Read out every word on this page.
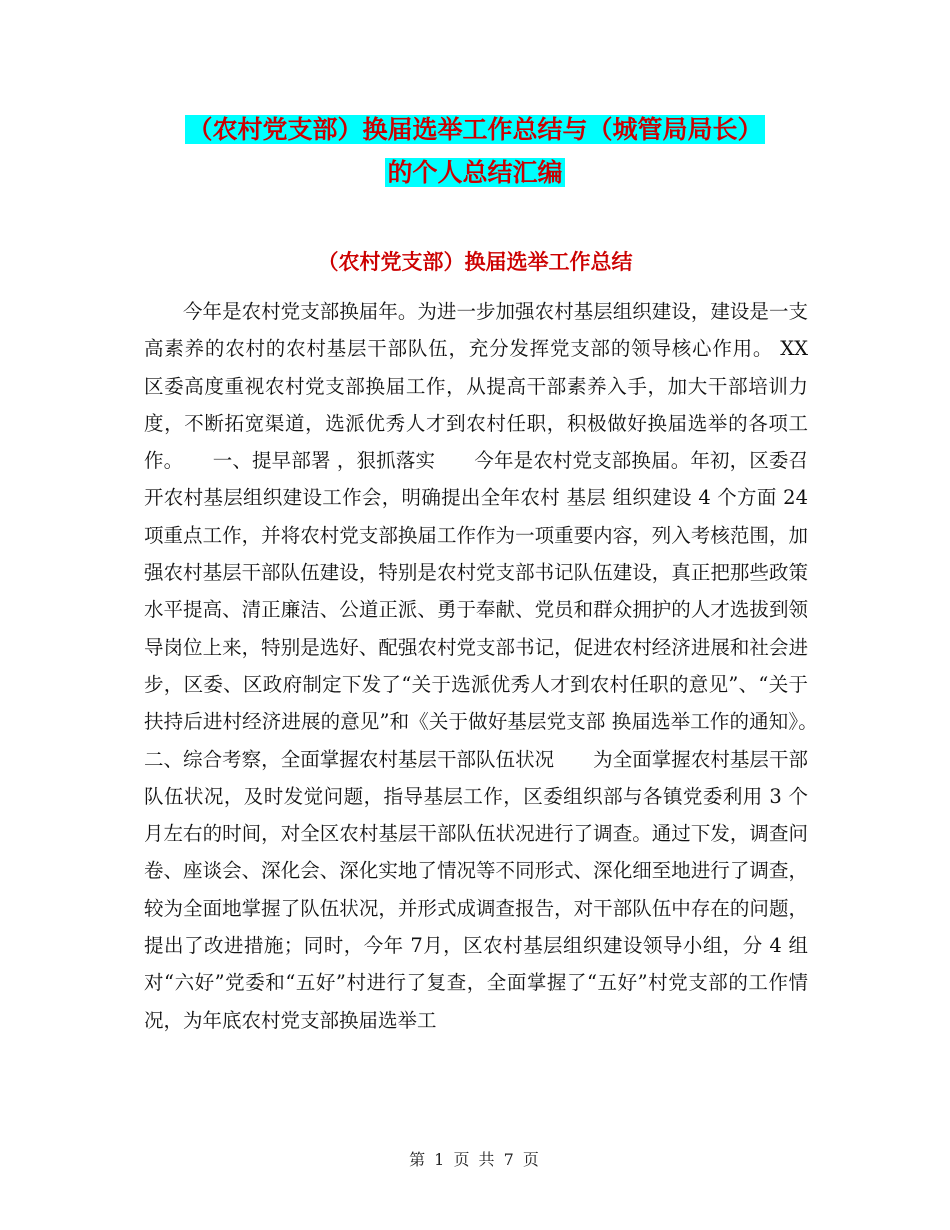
（农村党支部）换届选举工作总结与（城管局局长）
的个人总结汇编
（农村党支部）换届选举工作总结

今年是农村党支部换届年。为进一步加强农村基层组织建设，建设是一支高素养的农村的农村基层干部队伍，充分发挥党支部的领导核心作用。 XX 区委高度重视农村党支部换届工作，从提高干部素养入手，加大干部培训力度，不断拓宽渠道，选派优秀人才到农村任职，积极做好换届选举的各项工作。　　一、提早部署 ，狠抓落实　　今年是农村党支部换届。年初，区委召开农村基层组织建设工作会，明确提出全年农村 基层 组织建设 4 个方面 24 项重点工作，并将农村党支部换届工作作为一项重要内容，列入考核范围，加强农村基层干部队伍建设，特别是农村党支部书记队伍建设，真正把那些政策水平提高、清正廉洁、公道正派、勇于奉献、党员和群众拥护的人才选拔到领导岗位上来，特别是选好、配强农村党支部书记，促进农村经济进展和社会进步，区委、区政府制定下发了“关于选派优秀人才到农村任职的意见”、“关于扶持后进村经济进展的意见”和《关于做好基层党支部 换届选举工作的通知》。　　二、综合考察，全面掌握农村基层干部队伍状况　　为全面掌握农村基层干部队伍状况，及时发觉问题，指导基层工作，区委组织部与各镇党委利用 3 个月左右的时间，对全区农村基层干部队伍状况进行了调查。通过下发，调查问卷、座谈会、深化会、深化实地了情况等不同形式、深化细至地进行了调查，较为全面地掌握了队伍状况，并形式成调查报告，对干部队伍中存在的问题，提出了改进措施；同时，今年 7月，区农村基层组织建设领导小组，分 4 组对“六好”党委和“五好”村进行了复查，全面掌握了“五好”村党支部的工作情况，为年底农村党支部换届选举工

第 1 页 共 7 页
